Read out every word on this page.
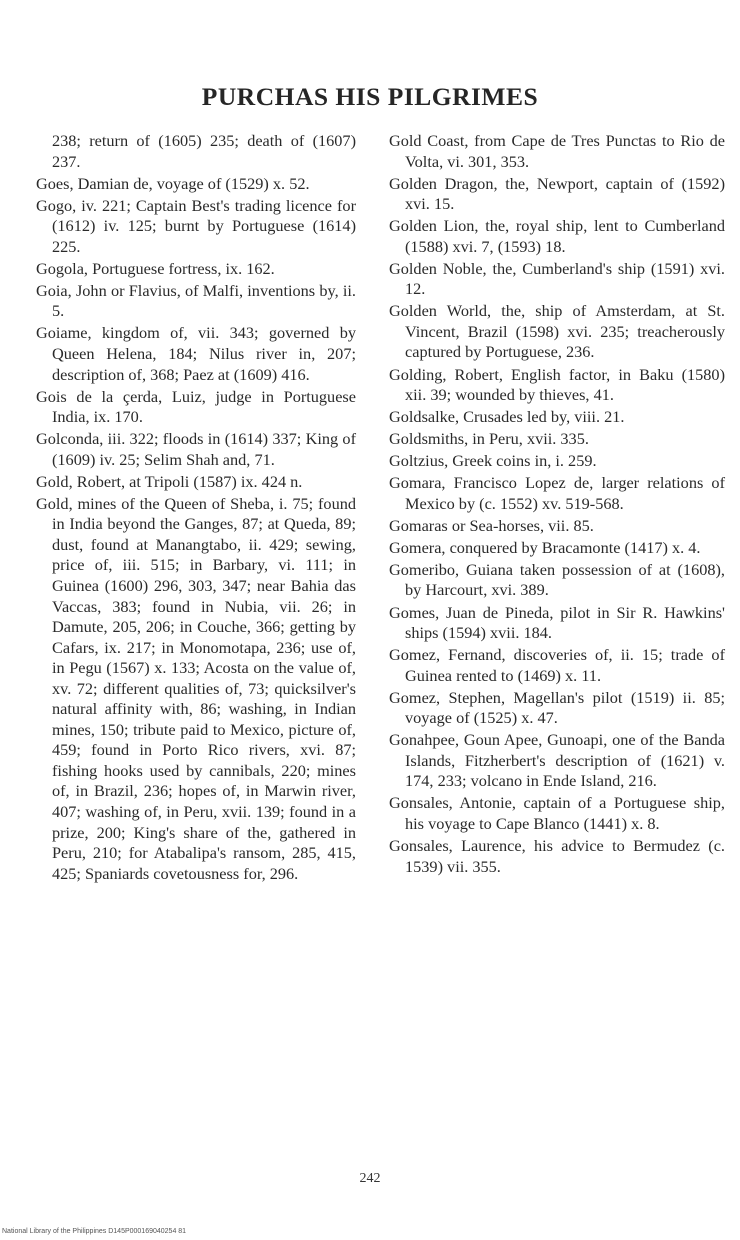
PURCHAS HIS PILGRIMES

238; return of (1605) 235; death of (1607) 237.

Goes, Damian de, voyage of (1529) x. 52.

Gogo, iv. 221; Captain Best's trading licence for (1612) iv. 125; burnt by Portuguese (1614) 225.

Gogola, Portuguese fortress, ix. 162.

Goia, John or Flavius, of Malfi, inventions by, ii. 5.

Goiame, kingdom of, vii. 343; governed by Queen Helena, 184; Nilus river in, 207; description of, 368; Paez at (1609) 416.

Gois de la çerda, Luiz, judge in Portuguese India, ix. 170.

Golconda, iii. 322; floods in (1614) 337; King of (1609) iv. 25; Selim Shah and, 71.

Gold, Robert, at Tripoli (1587) ix. 424 n.

Gold, mines of the Queen of Sheba, i. 75; found in India beyond the Ganges, 87; at Queda, 89; dust, found at Manangtabo, ii. 429; sewing, price of, iii. 515; in Barbary, vi. 111; in Guinea (1600) 296, 303, 347; near Bahia das Vaccas, 383; found in Nubia, vii. 26; in Damute, 205, 206; in Couche, 366; getting by Cafars, ix. 217; in Monomotapa, 236; use of, in Pegu (1567) x. 133; Acosta on the value of, xv. 72; different qualities of, 73; quicksilver's natural affinity with, 86; washing, in Indian mines, 150; tribute paid to Mexico, picture of, 459; found in Porto Rico rivers, xvi. 87; fishing hooks used by cannibals, 220; mines of, in Brazil, 236; hopes of, in Marwin river, 407; washing of, in Peru, xvii. 139; found in a prize, 200; King's share of the, gathered in Peru, 210; for Atabalipa's ransom, 285, 415, 425; Spaniards covetousness for, 296.

Gold Coast, from Cape de Tres Punctas to Rio de Volta, vi. 301, 353.

Golden Dragon, the, Newport, captain of (1592) xvi. 15.

Golden Lion, the, royal ship, lent to Cumberland (1588) xvi. 7, (1593) 18.

Golden Noble, the, Cumberland's ship (1591) xvi. 12.

Golden World, the, ship of Amsterdam, at St. Vincent, Brazil (1598) xvi. 235; treacherously captured by Portuguese, 236.

Golding, Robert, English factor, in Baku (1580) xii. 39; wounded by thieves, 41.

Goldsalke, Crusades led by, viii. 21.

Goldsmiths, in Peru, xvii. 335.

Goltzius, Greek coins in, i. 259.

Gomara, Francisco Lopez de, larger relations of Mexico by (c. 1552) xv. 519-568.

Gomaras or Sea-horses, vii. 85.

Gomera, conquered by Bracamonte (1417) x. 4.

Gomeribo, Guiana taken possession of at (1608), by Harcourt, xvi. 389.

Gomes, Juan de Pineda, pilot in Sir R. Hawkins' ships (1594) xvii. 184.

Gomez, Fernand, discoveries of, ii. 15; trade of Guinea rented to (1469) x. 11.

Gomez, Stephen, Magellan's pilot (1519) ii. 85; voyage of (1525) x. 47.

Gonahpee, Goun Apee, Gunoapi, one of the Banda Islands, Fitzherbert's description of (1621) v. 174, 233; volcano in Ende Island, 216.

Gonsales, Antonie, captain of a Portuguese ship, his voyage to Cape Blanco (1441) x. 8.

Gonsales, Laurence, his advice to Bermudez (c. 1539) vii. 355.

242
National Library of the Philippines D145P000169040254 81
